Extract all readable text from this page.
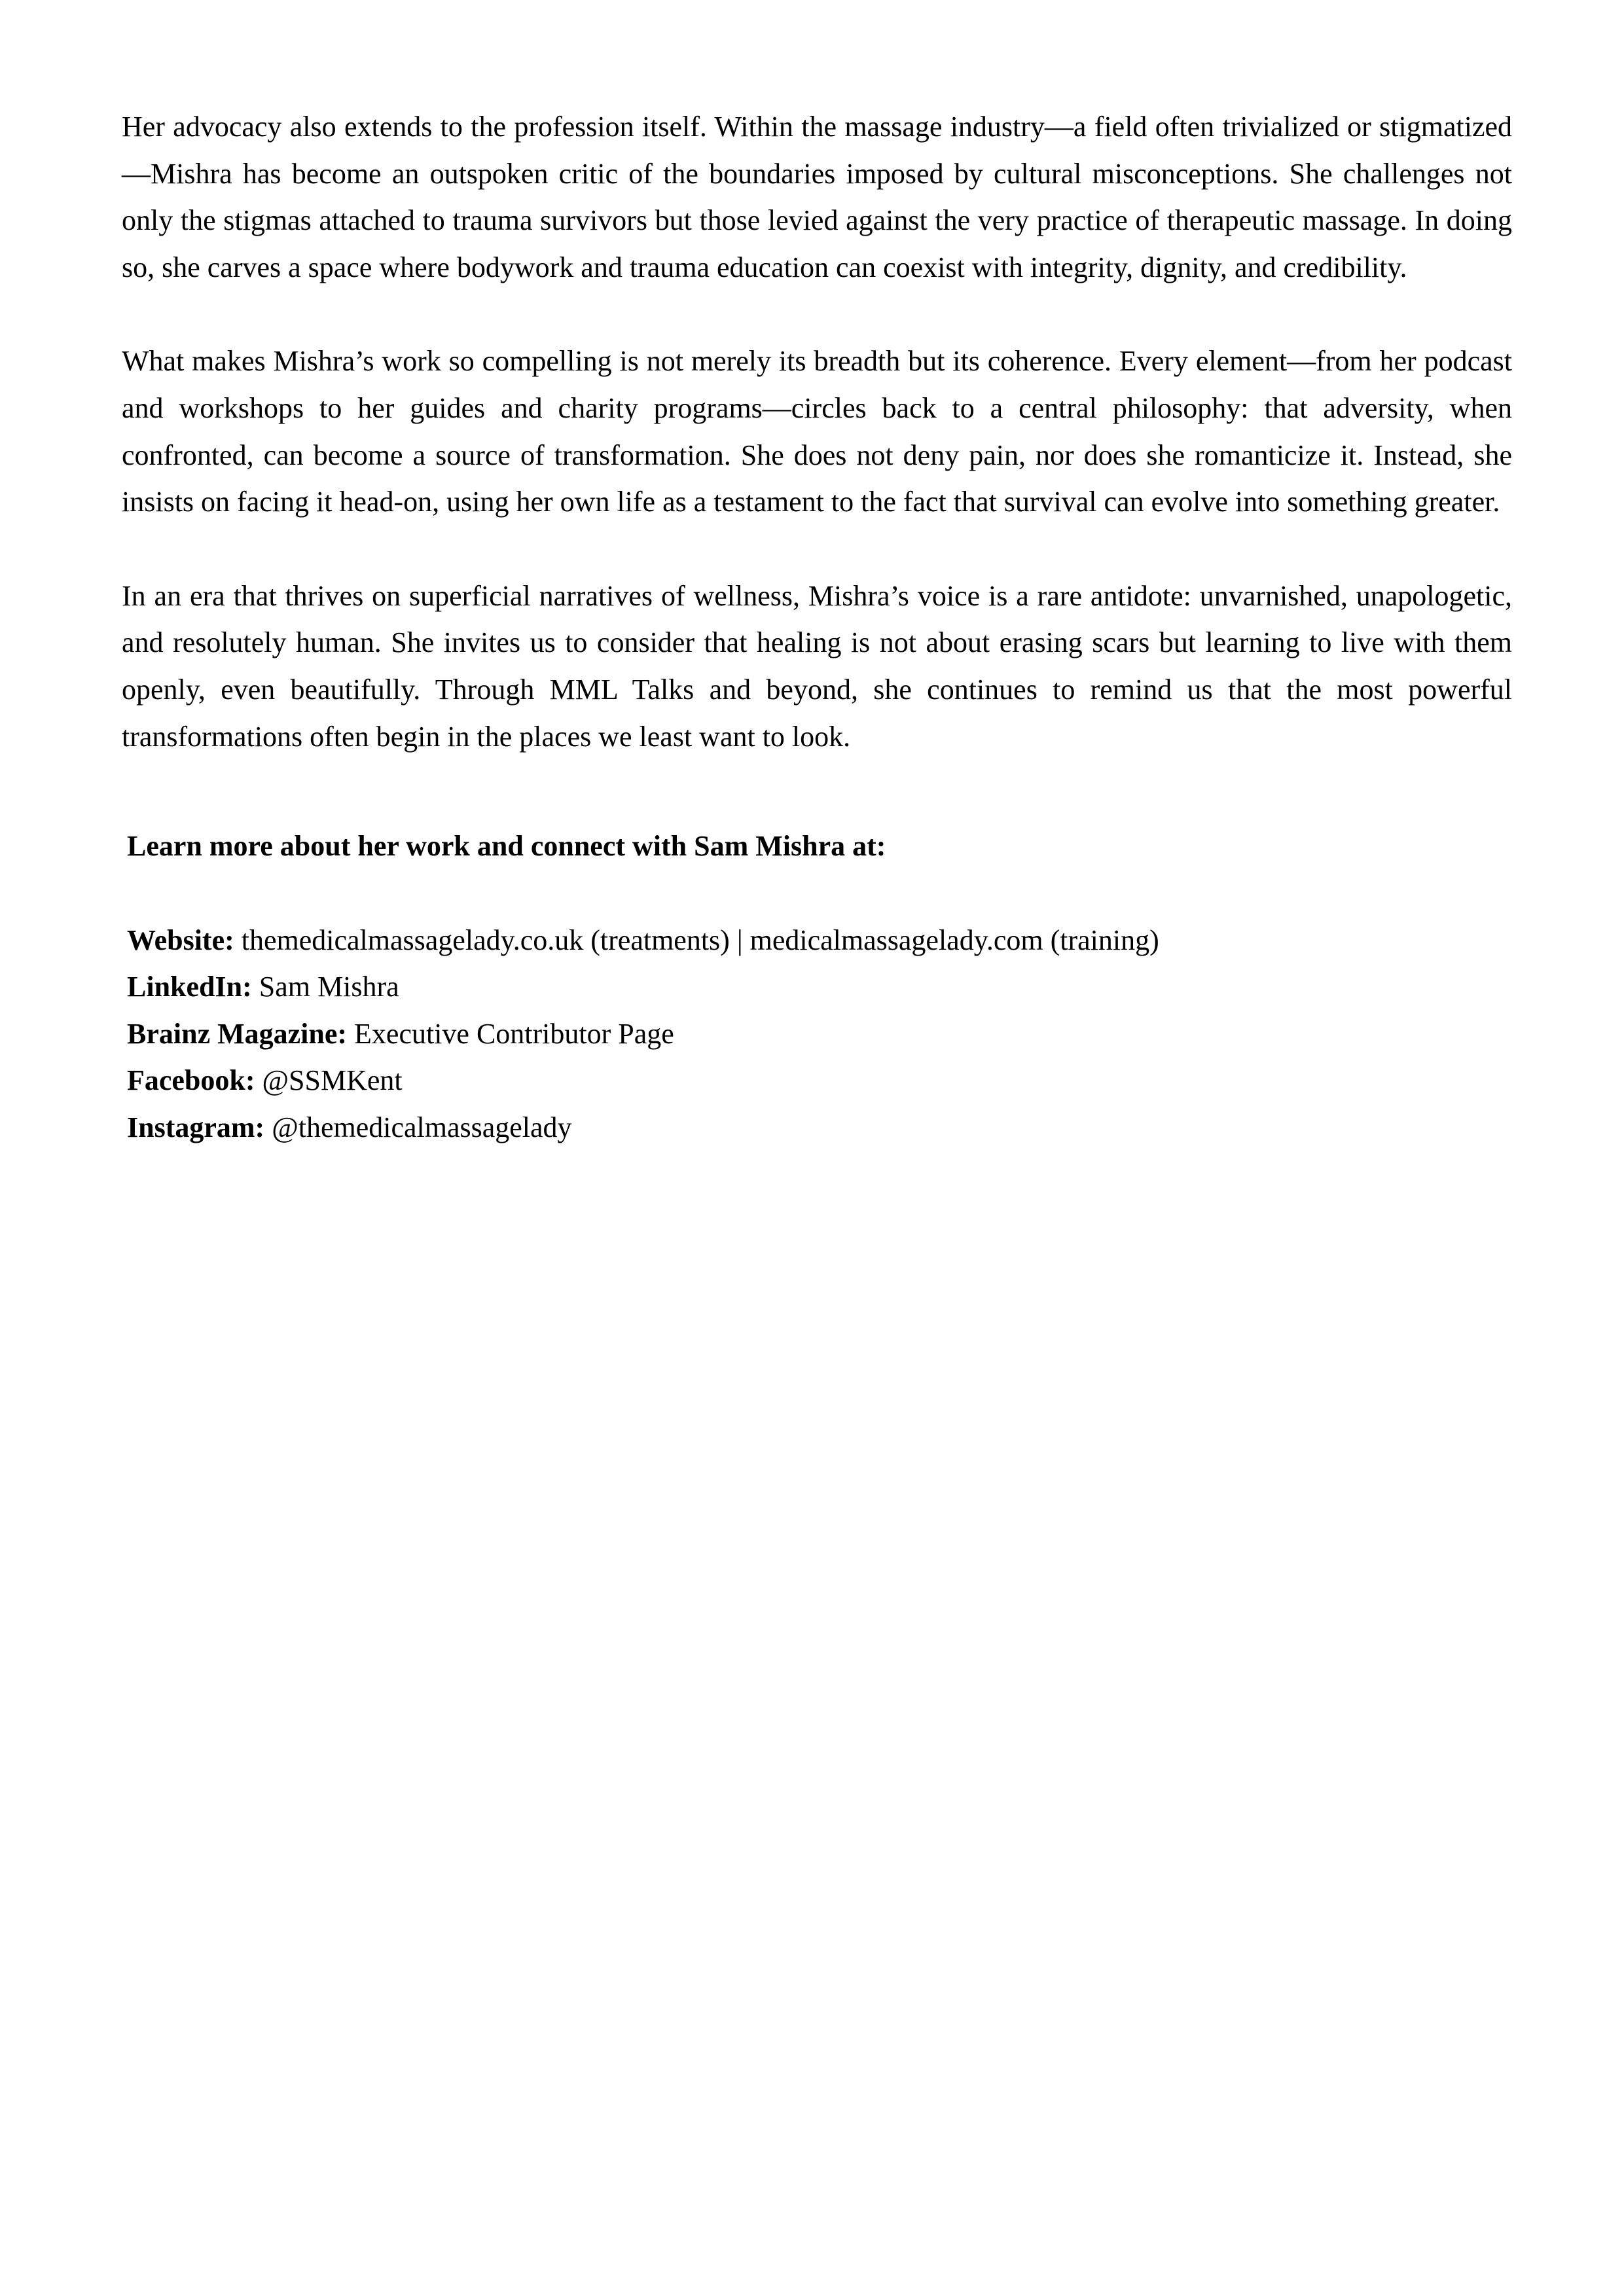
Her advocacy also extends to the profession itself. Within the massage industry—a field often trivialized or stigmatized —Mishra has become an outspoken critic of the boundaries imposed by cultural misconceptions. She challenges not only the stigmas attached to trauma survivors but those levied against the very practice of therapeutic massage. In doing so, she carves a space where bodywork and trauma education can coexist with integrity, dignity, and credibility.

What makes Mishra’s work so compelling is not merely its breadth but its coherence. Every element—from her podcast and workshops to her guides and charity programs—circles back to a central philosophy: that adversity, when confronted, can become a source of transformation. She does not deny pain, nor does she romanticize it. Instead, she insists on facing it head-on, using her own life as a testament to the fact that survival can evolve into something greater.

In an era that thrives on superficial narratives of wellness, Mishra’s voice is a rare antidote: unvarnished, unapologetic, and resolutely human. She invites us to consider that healing is not about erasing scars but learning to live with them openly, even beautifully. Through MML Talks and beyond, she continues to remind us that the most powerful transformations often begin in the places we least want to look.

Learn more about her work and connect with Sam Mishra at:

Website: themedicalmassagelady.co.uk (treatments) | medicalmassagelady.com (training)
LinkedIn: Sam Mishra
Brainz Magazine: Executive Contributor Page
Facebook: @SSMKent
Instagram: @themedicalmassagelady
